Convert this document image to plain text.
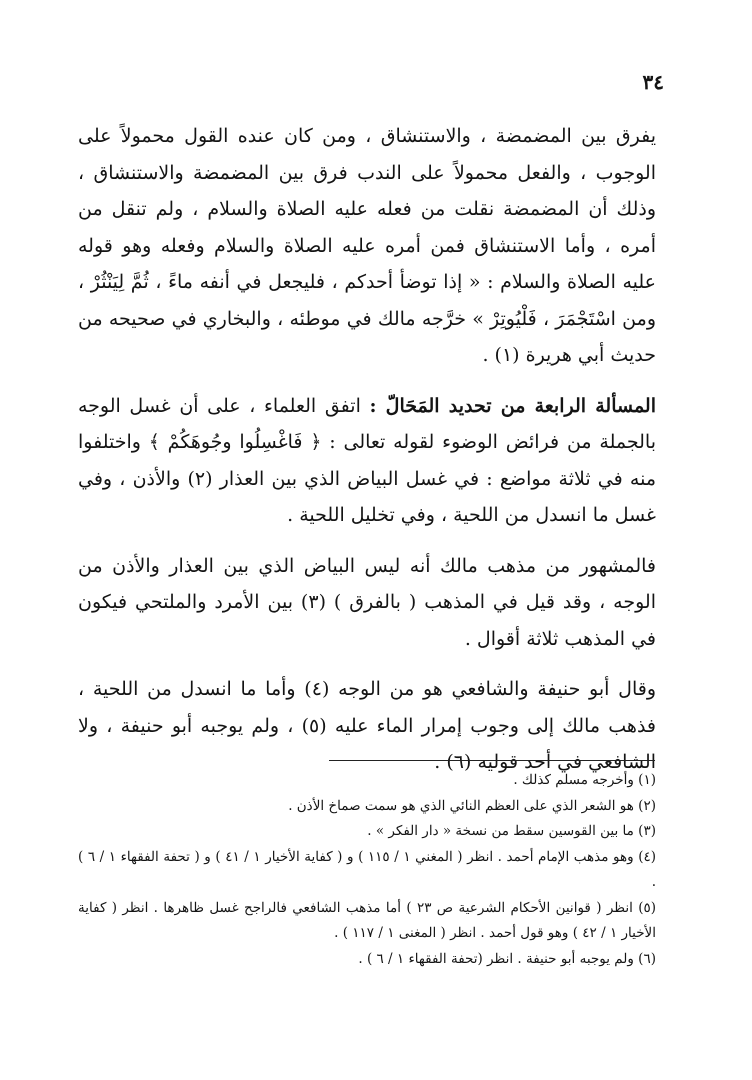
٣٤

يفرق بين المضمضة ، والاستنشاق ، ومن كان عنده القول محمولاً على الوجوب ، والفعل محمولاً على الندب فرق بين المضمضة والاستنشاق ، وذلك أن المضمضة نقلت من فعله عليه الصلاة والسلام ، ولم تنقل من أمره ، وأما الاستنشاق فمن أمره عليه الصلاة والسلام وفعله وهو قوله عليه الصلاة والسلام : « إذا توضأ أحدكم ، فليجعل في أنفه ماءً ، ثُمَّ لِيَنْثُرْ ، ومن اسْتَجْمَرَ ، فَلْيُوتِرْ » خرَّجه مالك في موطئه ، والبخاري في صحيحه من حديث أبي هريرة (١) .

المسألة الرابعة من تحديد المَحَالّ : اتفق العلماء ، على أن غسل الوجه بالجملة من فرائض الوضوء لقوله تعالى : ﴿ فَاغْسِلُوا وجُوهَكُمْ ﴾ واختلفوا منه في ثلاثة مواضع : في غسل البياض الذي بين العذار (٢) والأذن ، وفي غسل ما انسدل من اللحية ، وفي تخليل اللحية .

فالمشهور من مذهب مالك أنه ليس البياض الذي بين العذار والأذن من الوجه ، وقد قيل في المذهب ( بالفرق ) (٣) بين الأمرد والملتحي فيكون في المذهب ثلاثة أقوال .

وقال أبو حنيفة والشافعي هو من الوجه (٤) وأما ما انسدل من اللحية ، فذهب مالك إلى وجوب إمرار الماء عليه (٥) ، ولم يوجبه أبو حنيفة ، ولا الشافعي في أحد قوليه (٦) .

(١) وأخرجه مسلم كذلك .

(٢) هو الشعر الذي على العظم النائي الذي هو سمت صماخ الأذن .

(٣) ما بين القوسين سقط من نسخة « دار الفكر » .

(٤) وهو مذهب الإمام أحمد . انظر ( المغني ١ / ١١٥ ) و ( كفاية الأخيار ١ / ٤١ ) و ( تحفة الفقهاء ١ / ٦ ) .

(٥) انظر ( قوانين الأحكام الشرعية ص ٢٣ ) أما مذهب الشافعي فالراجح غسل ظاهرها . انظر ( كفاية الأخيار ١ / ٤٢ ) وهو قول أحمد . انظر ( المغنى ١ / ١١٧ ) .

(٦) ولم يوجبه أبو حنيفة . انظر (تحفة الفقهاء ١ / ٦ ) .
